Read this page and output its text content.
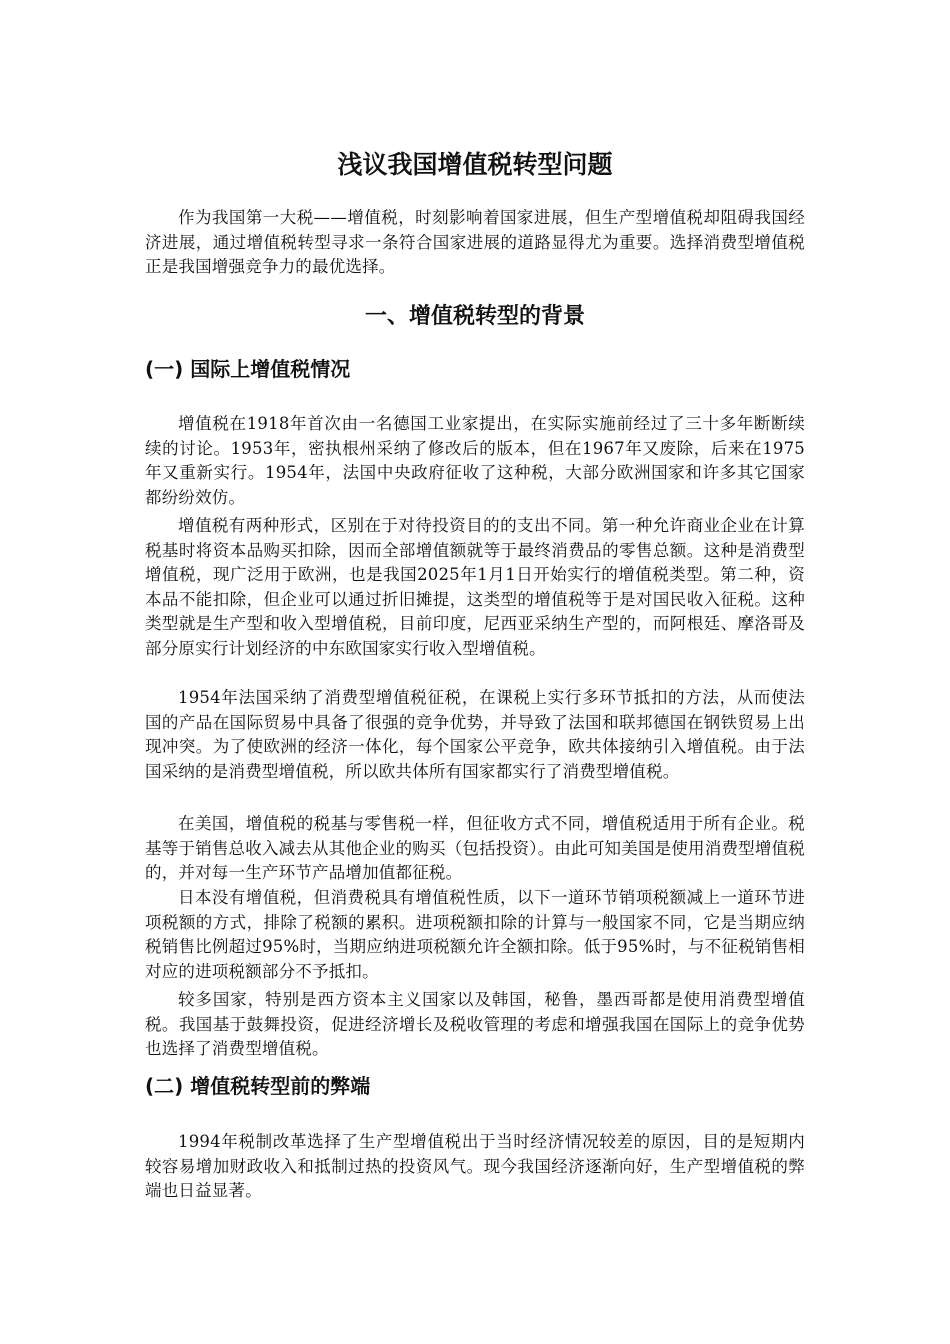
浅议我国增值税转型问题

作为我国第一大税——增值税，时刻影响着国家进展，但生产型增值税却阻碍我国经济进展，通过增值税转型寻求一条符合国家进展的道路显得尤为重要。选择消费型增值税正是我国增强竞争力的最优选择。

一、增值税转型的背景
(一) 国际上增值税情况

增值税在1918年首次由一名德国工业家提出，在实际实施前经过了三十多年断断续续的讨论。1953年，密执根州采纳了修改后的版本，但在1967年又废除，后来在1975年又重新实行。1954年，法国中央政府征收了这种税，大部分欧洲国家和许多其它国家都纷纷效仿。

增值税有两种形式，区别在于对待投资目的的支出不同。第一种允许商业企业在计算税基时将资本品购买扣除，因而全部增值额就等于最终消费品的零售总额。这种是消费型增值税，现广泛用于欧洲，也是我国2025年1月1日开始实行的增值税类型。第二种，资本品不能扣除，但企业可以通过折旧摊提，这类型的增值税等于是对国民收入征税。这种类型就是生产型和收入型增值税，目前印度，尼西亚采纳生产型的，而阿根廷、摩洛哥及部分原实行计划经济的中东欧国家实行收入型增值税。

1954年法国采纳了消费型增值税征税，在课税上实行多环节抵扣的方法，从而使法国的产品在国际贸易中具备了很强的竞争优势，并导致了法国和联邦德国在钢铁贸易上出现冲突。为了使欧洲的经济一体化，每个国家公平竞争，欧共体接纳引入增值税。由于法国采纳的是消费型增值税，所以欧共体所有国家都实行了消费型增值税。

在美国，增值税的税基与零售税一样，但征收方式不同，增值税适用于所有企业。税基等于销售总收入减去从其他企业的购买（包括投资）。由此可知美国是使用消费型增值税的，并对每一生产环节产品增加值都征税。

日本没有增值税，但消费税具有增值税性质，以下一道环节销项税额减上一道环节进项税额的方式，排除了税额的累积。进项税额扣除的计算与一般国家不同，它是当期应纳税销售比例超过95%时，当期应纳进项税额允许全额扣除。低于95%时，与不征税销售相对应的进项税额部分不予抵扣。

较多国家，特别是西方资本主义国家以及韩国，秘鲁，墨西哥都是使用消费型增值税。我国基于鼓舞投资，促进经济增长及税收管理的考虑和增强我国在国际上的竞争优势也选择了消费型增值税。

(二) 增值税转型前的弊端

1994年税制改革选择了生产型增值税出于当时经济情况较差的原因，目的是短期内较容易增加财政收入和抵制过热的投资风气。现今我国经济逐渐向好，生产型增值税的弊端也日益显著。
